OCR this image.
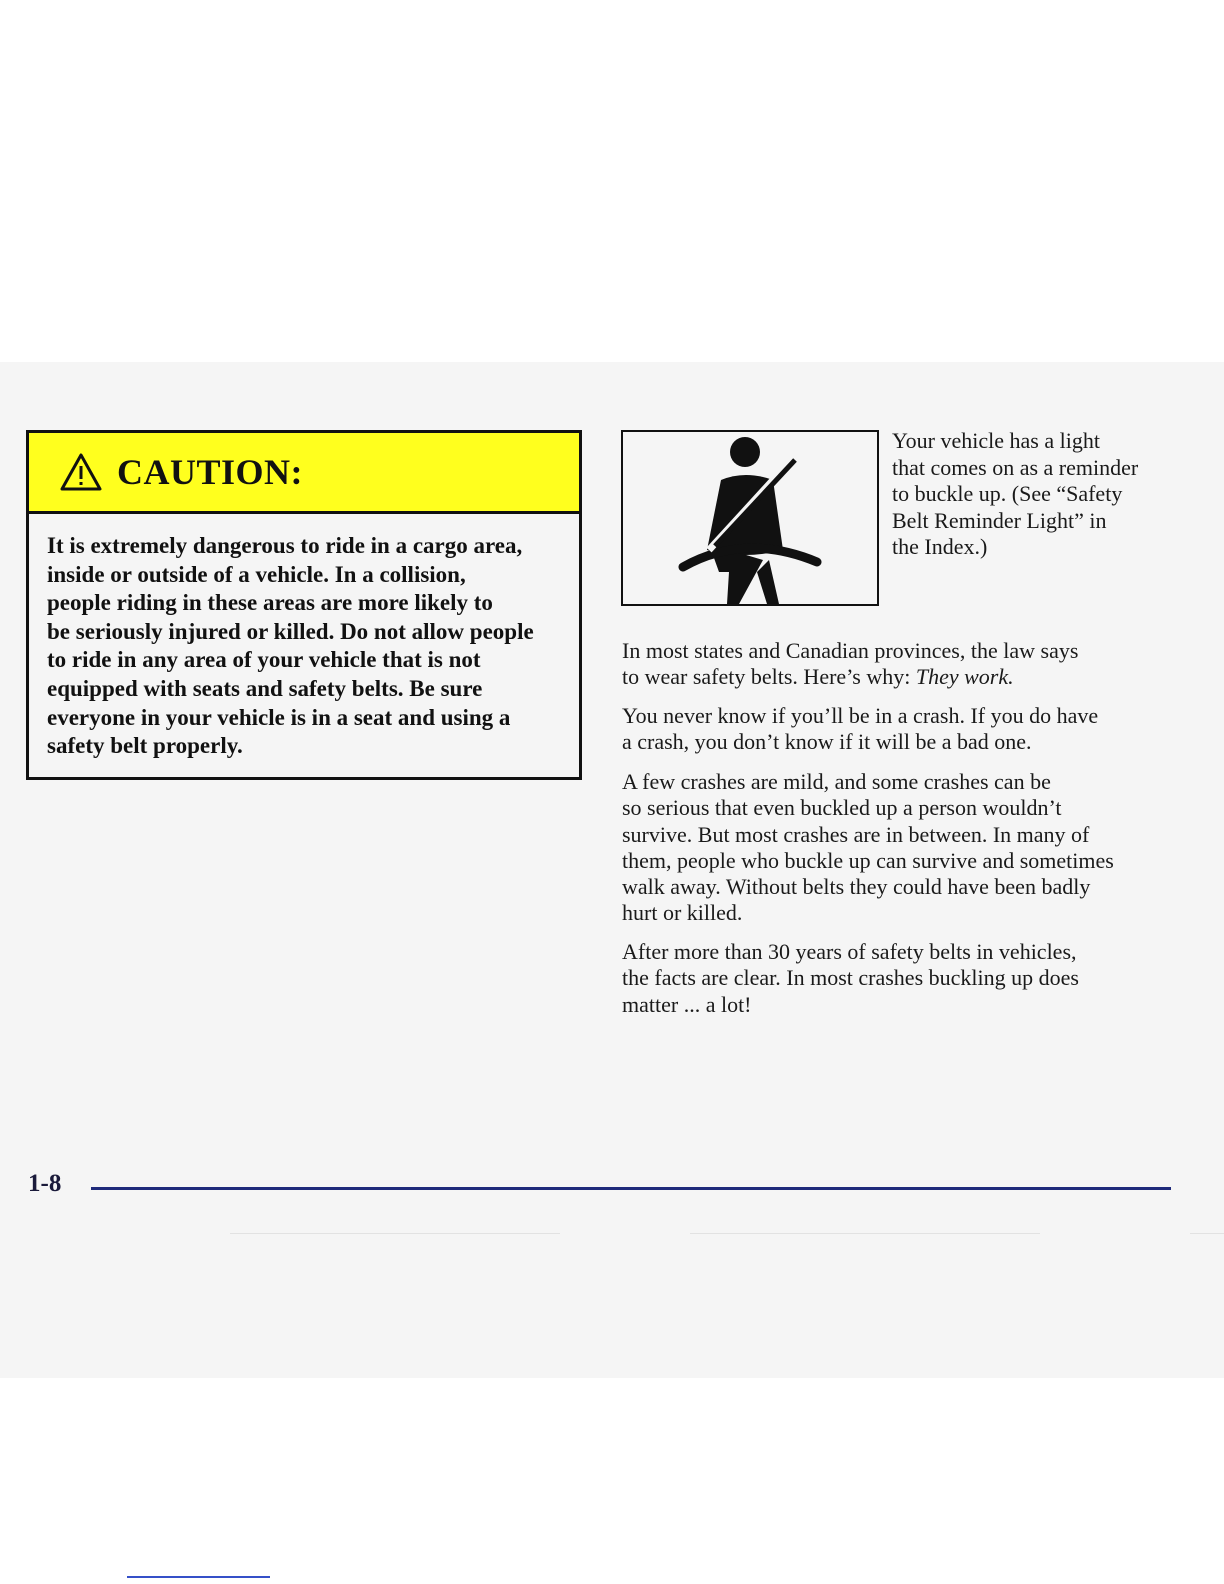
CAUTION:
It is extremely dangerous to ride in a cargo area,
inside or outside of a vehicle. In a collision,
people riding in these areas are more likely to
be seriously injured or killed. Do not allow people
to ride in any area of your vehicle that is not
equipped with seats and safety belts. Be sure
everyone in your vehicle is in a seat and using a
safety belt properly.
Your vehicle has a light
that comes on as a reminder
to buckle up. (See “Safety
Belt Reminder Light” in
the Index.)
In most states and Canadian provinces, the law says
to wear safety belts. Here’s why: They work.
You never know if you’ll be in a crash. If you do have
a crash, you don’t know if it will be a bad one.
A few crashes are mild, and some crashes can be
so serious that even buckled up a person wouldn’t
survive. But most crashes are in between. In many of
them, people who buckle up can survive and sometimes
walk away. Without belts they could have been badly
hurt or killed.
After more than 30 years of safety belts in vehicles,
the facts are clear. In most crashes buckling up does
matter ... a lot!
1-8
